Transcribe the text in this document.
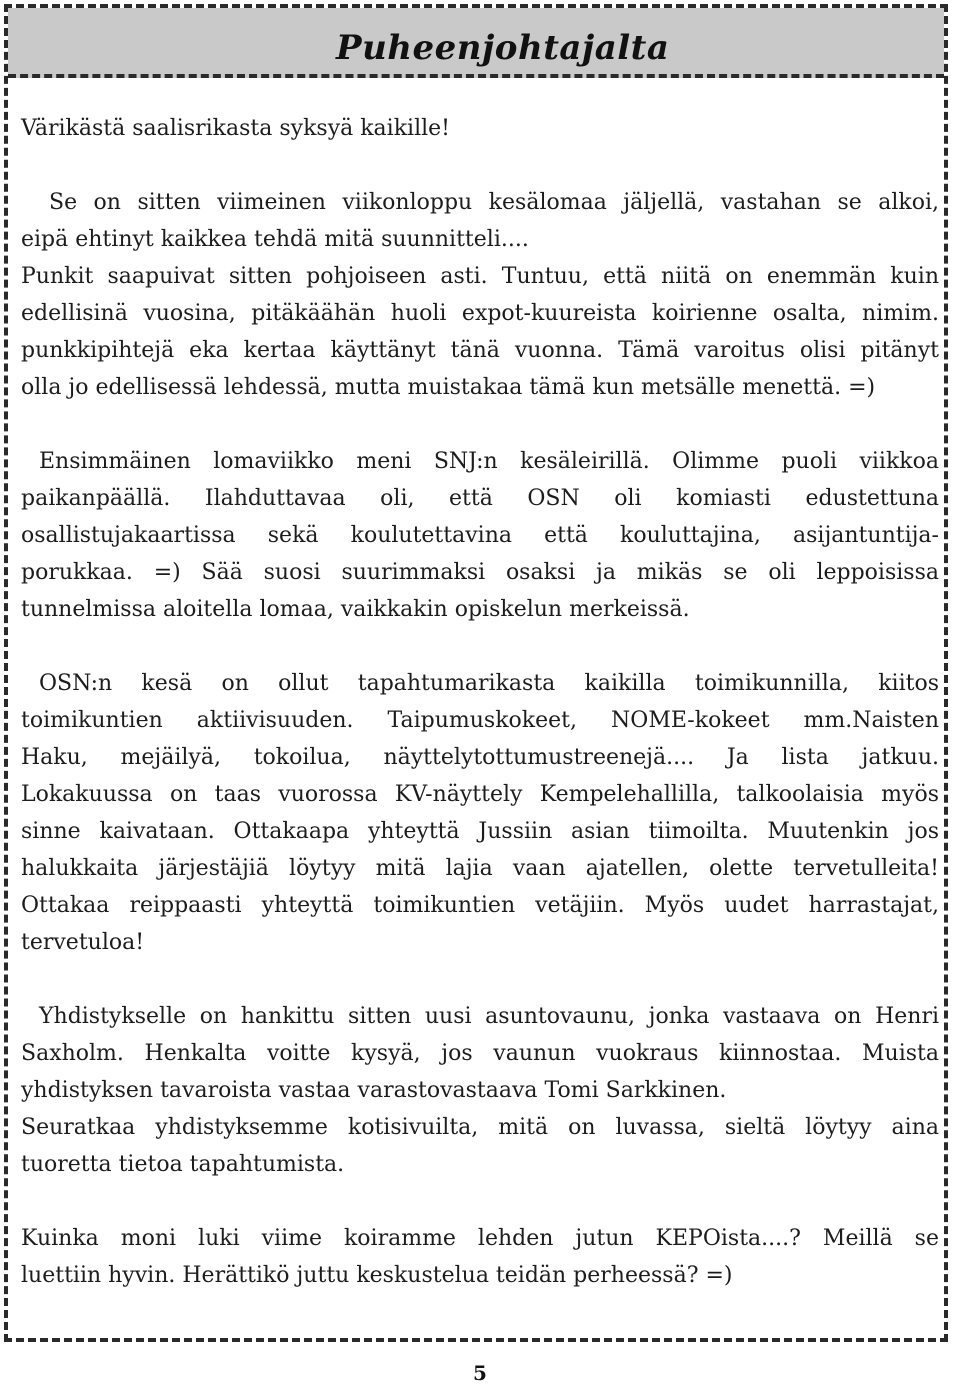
Puheenjohtajalta

Värikästä saalisrikasta syksyä kaikille!

Se on sitten viimeinen viikonloppu kesälomaa jäljellä, vastahan se alkoi,
eipä ehtinyt kaikkea tehdä mitä suunnitteli....
Punkit saapuivat sitten pohjoiseen asti. Tuntuu, että niitä on enemmän kuin
edellisinä vuosina, pitäkäähän huoli expot-kuureista koirienne osalta, nimim.
punkkipihtejä eka kertaa käyttänyt tänä vuonna. Tämä varoitus olisi pitänyt
olla jo edellisessä lehdessä, mutta muistakaa tämä kun metsälle menettä. =)

Ensimmäinen lomaviikko meni SNJ:n kesäleirillä. Olimme puoli viikkoa
paikanpäällä. Ilahduttavaa oli, että OSN oli komiasti edustettuna
osallistujakaartissa sekä koulutettavina että kouluttajina, asijantuntija-
porukkaa. =) Sää suosi suurimmaksi osaksi ja mikäs se oli leppoisissa
tunnelmissa aloitella lomaa, vaikkakin opiskelun merkeissä.

OSN:n kesä on ollut tapahtumarikasta kaikilla toimikunnilla, kiitos
toimikuntien aktiivisuuden. Taipumuskokeet, NOME-kokeet mm.Naisten
Haku, mejäilyä, tokoilua, näyttelytottumustreenejä.... Ja lista jatkuu.
Lokakuussa on taas vuorossa KV-näyttely Kempelehallilla, talkoolaisia myös
sinne kaivataan. Ottakaapa yhteyttä Jussiin asian tiimoilta. Muutenkin jos
halukkaita järjestäjiä löytyy mitä lajia vaan ajatellen, olette tervetulleita!
Ottakaa reippaasti yhteyttä toimikuntien vetäjiin. Myös uudet harrastajat,
tervetuloa!

Yhdistykselle on hankittu sitten uusi asuntovaunu, jonka vastaava on Henri
Saxholm. Henkalta voitte kysyä, jos vaunun vuokraus kiinnostaa. Muista
yhdistyksen tavaroista vastaa varastovastaava Tomi Sarkkinen.
Seuratkaa yhdistyksemme kotisivuilta, mitä on luvassa, sieltä löytyy aina
tuoretta tietoa tapahtumista.

Kuinka moni luki viime koiramme lehden jutun KEPOista....? Meillä se
luettiin hyvin. Herättikö juttu keskustelua teidän perheessä? =)

5
